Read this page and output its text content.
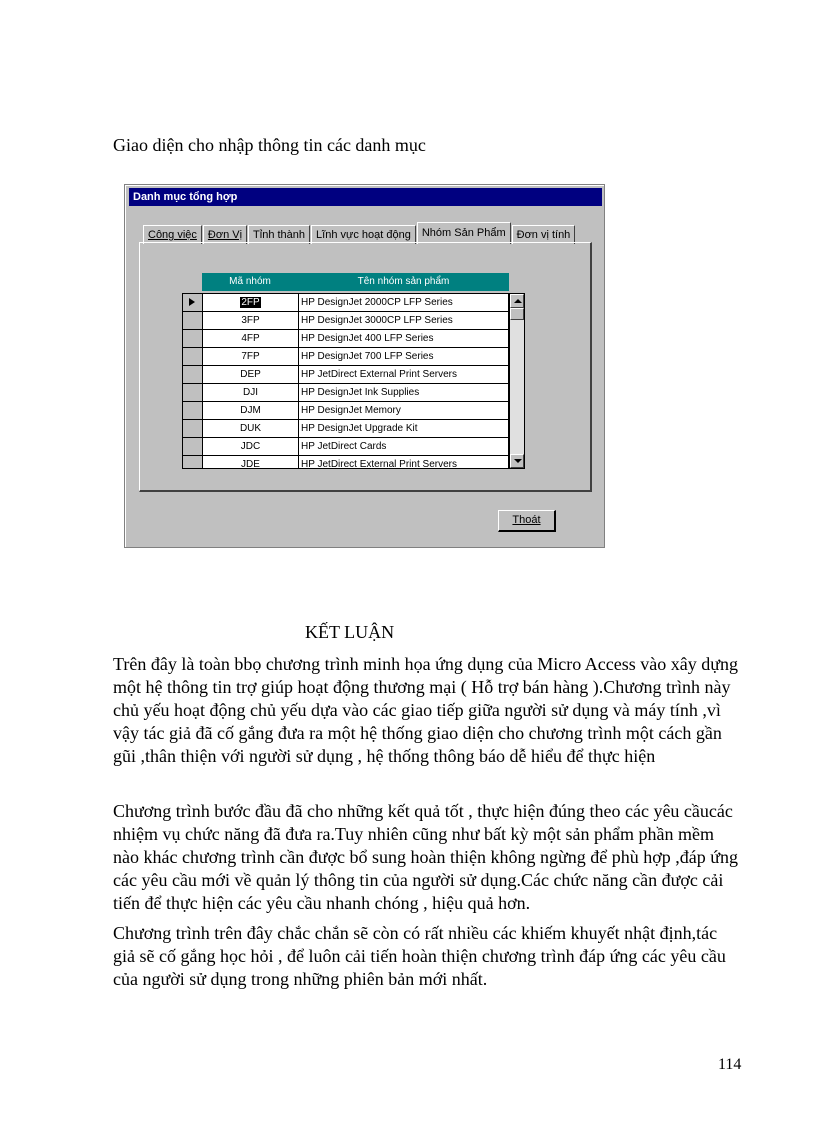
Giao diện cho nhập thông tin các danh mục
Danh mục tổng hợp
Công việc Đơn Vị Tỉnh thành Lĩnh vực hoạt động Nhóm Sản Phẩm Đơn vị tính
Mã nhóm	Tên nhóm sản phẩm
2FP	HP DesignJet 2000CP LFP Series
3FP	HP DesignJet 3000CP LFP Series
4FP	HP DesignJet 400 LFP Series
7FP	HP DesignJet 700 LFP Series
DEP	HP JetDirect External Print Servers
DJI	HP DesignJet Ink Supplies
DJM	HP DesignJet Memory
DUK	HP DesignJet Upgrade Kit
JDC	HP JetDirect Cards
JDE	HP JetDirect External Print Servers
Thoát
KẾT LUẬN
Trên đây là toàn bbọ chương trình minh họa ứng dụng của Micro Access vào xây dựng một hệ thông tin trợ giúp hoạt động thương mại ( Hỗ trợ bán hàng ).Chương trình này chủ yếu hoạt động chủ yếu dựa vào các giao tiếp giữa người sử dụng và máy tính ,vì vậy tác giả đã cố gắng đưa ra một hệ thống giao diện cho chương trình một cách gần gũi ,thân thiện với người sử dụng , hệ thống thông báo dễ hiểu để thực hiện
Chương trình bước đầu đã cho những kết quả tốt , thực hiện đúng theo các yêu cầucác nhiệm vụ chức năng đã đưa ra.Tuy nhiên cũng như bất kỳ một sản phẩm phần mềm nào khác chương trình cần được bổ sung hoàn thiện không ngừng để phù hợp ,đáp ứng các yêu cầu mới về quản lý thông tin của người sử dụng.Các chức năng cần được cải tiến để thực hiện các yêu cầu nhanh chóng , hiệu quả hơn.
Chương trình trên đây chắc chắn sẽ còn có rất nhiều các khiếm khuyết nhật định,tác giả sẽ cố gắng học hỏi , để luôn cải tiến hoàn thiện chương trình đáp ứng các yêu cầu của người sử dụng trong những phiên bản mới nhất.
114
